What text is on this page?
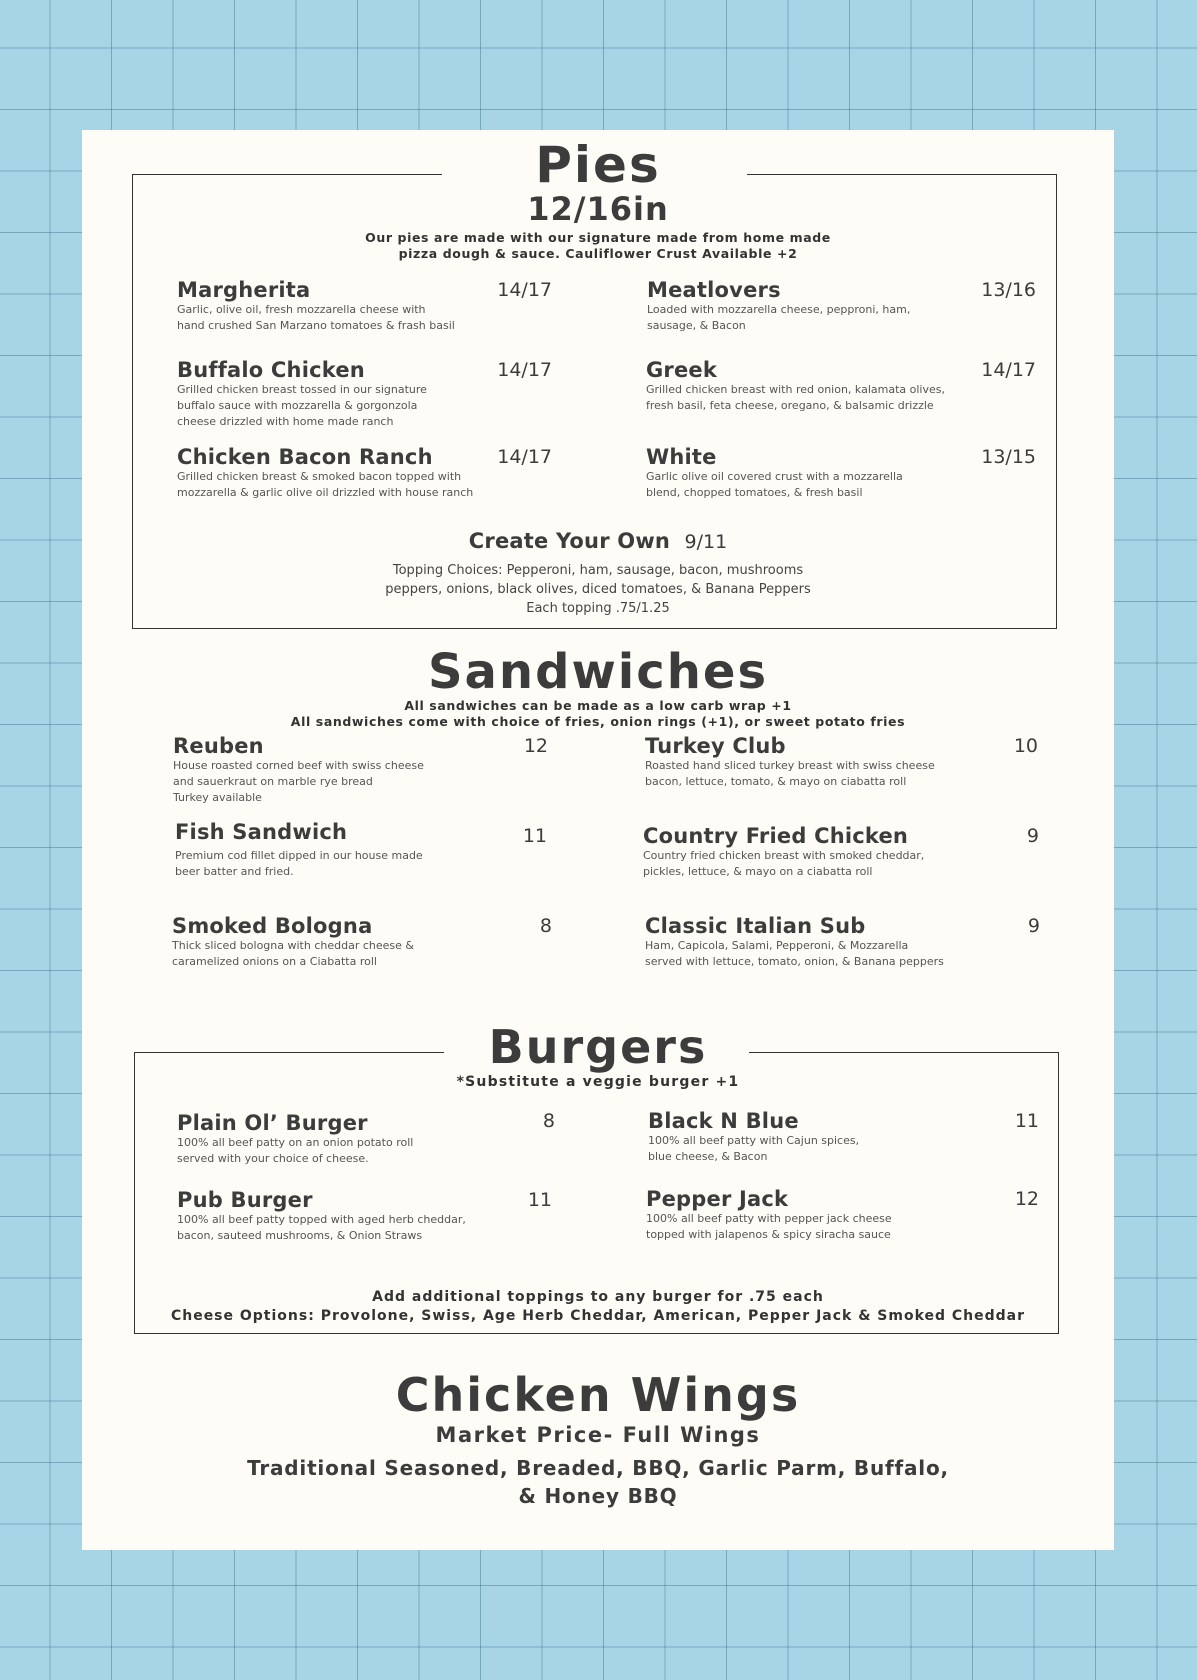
Pies
12/16in
Our pies are made with our signature made from home made
pizza dough & sauce. Cauliflower Crust Available +2
Margherita
Garlic, olive oil, fresh mozzarella cheese with
hand crushed San Marzano tomatoes & frash basil
14/17	Meatlovers
Loaded with mozzarella cheese, pepproni, ham,
sausage, & Bacon
13/16
Buffalo Chicken
Grilled chicken breast tossed in our signature
buffalo sauce with mozzarella & gorgonzola
cheese drizzled with home made ranch
14/17	Greek
Grilled chicken breast with red onion, kalamata olives,
fresh basil, feta cheese, oregano, & balsamic drizzle
14/17
Chicken Bacon Ranch
Grilled chicken breast & smoked bacon topped with
mozzarella & garlic olive oil drizzled with house ranch
14/17	White
Garlic olive oil covered crust with a mozzarella
blend, chopped tomatoes, & fresh basil
13/15
Create Your Own 9/11
Topping Choices: Pepperoni, ham, sausage, bacon, mushrooms
peppers, onions, black olives, diced tomatoes, & Banana Peppers
Each topping .75/1.25
Sandwiches
All sandwiches can be made as a low carb wrap +1
All sandwiches come with choice of fries, onion rings (+1), or sweet potato fries
Reuben
House roasted corned beef with swiss cheese
and sauerkraut on marble rye bread
Turkey available
12	Turkey Club
Roasted hand sliced turkey breast with swiss cheese
bacon, lettuce, tomato, & mayo on ciabatta roll
10
Fish Sandwich
Premium cod fillet dipped in our house made
beer batter and fried.
11	Country Fried Chicken
Country fried chicken breast with smoked cheddar,
pickles, lettuce, & mayo on a ciabatta roll
9
Smoked Bologna
Thick sliced bologna with cheddar cheese &
caramelized onions on a Ciabatta roll
8	Classic Italian Sub
Ham, Capicola, Salami, Pepperoni, & Mozzarella
served with lettuce, tomato, onion, & Banana peppers
9
Burgers
*Substitute a veggie burger +1
Plain Ol’ Burger
100% all beef patty on an onion potato roll
served with your choice of cheese.
8	Black N Blue
100% all beef patty with Cajun spices,
blue cheese, & Bacon
11
Pub Burger
100% all beef patty topped with aged herb cheddar,
bacon, sauteed mushrooms, & Onion Straws
11	Pepper Jack
100% all beef patty with pepper jack cheese
topped with jalapenos & spicy siracha sauce
12
Add additional toppings to any burger for .75 each
Cheese Options: Provolone, Swiss, Age Herb Cheddar, American, Pepper Jack & Smoked Cheddar
Chicken Wings
Market Price- Full Wings
Traditional Seasoned, Breaded, BBQ, Garlic Parm, Buffalo,
& Honey BBQ
